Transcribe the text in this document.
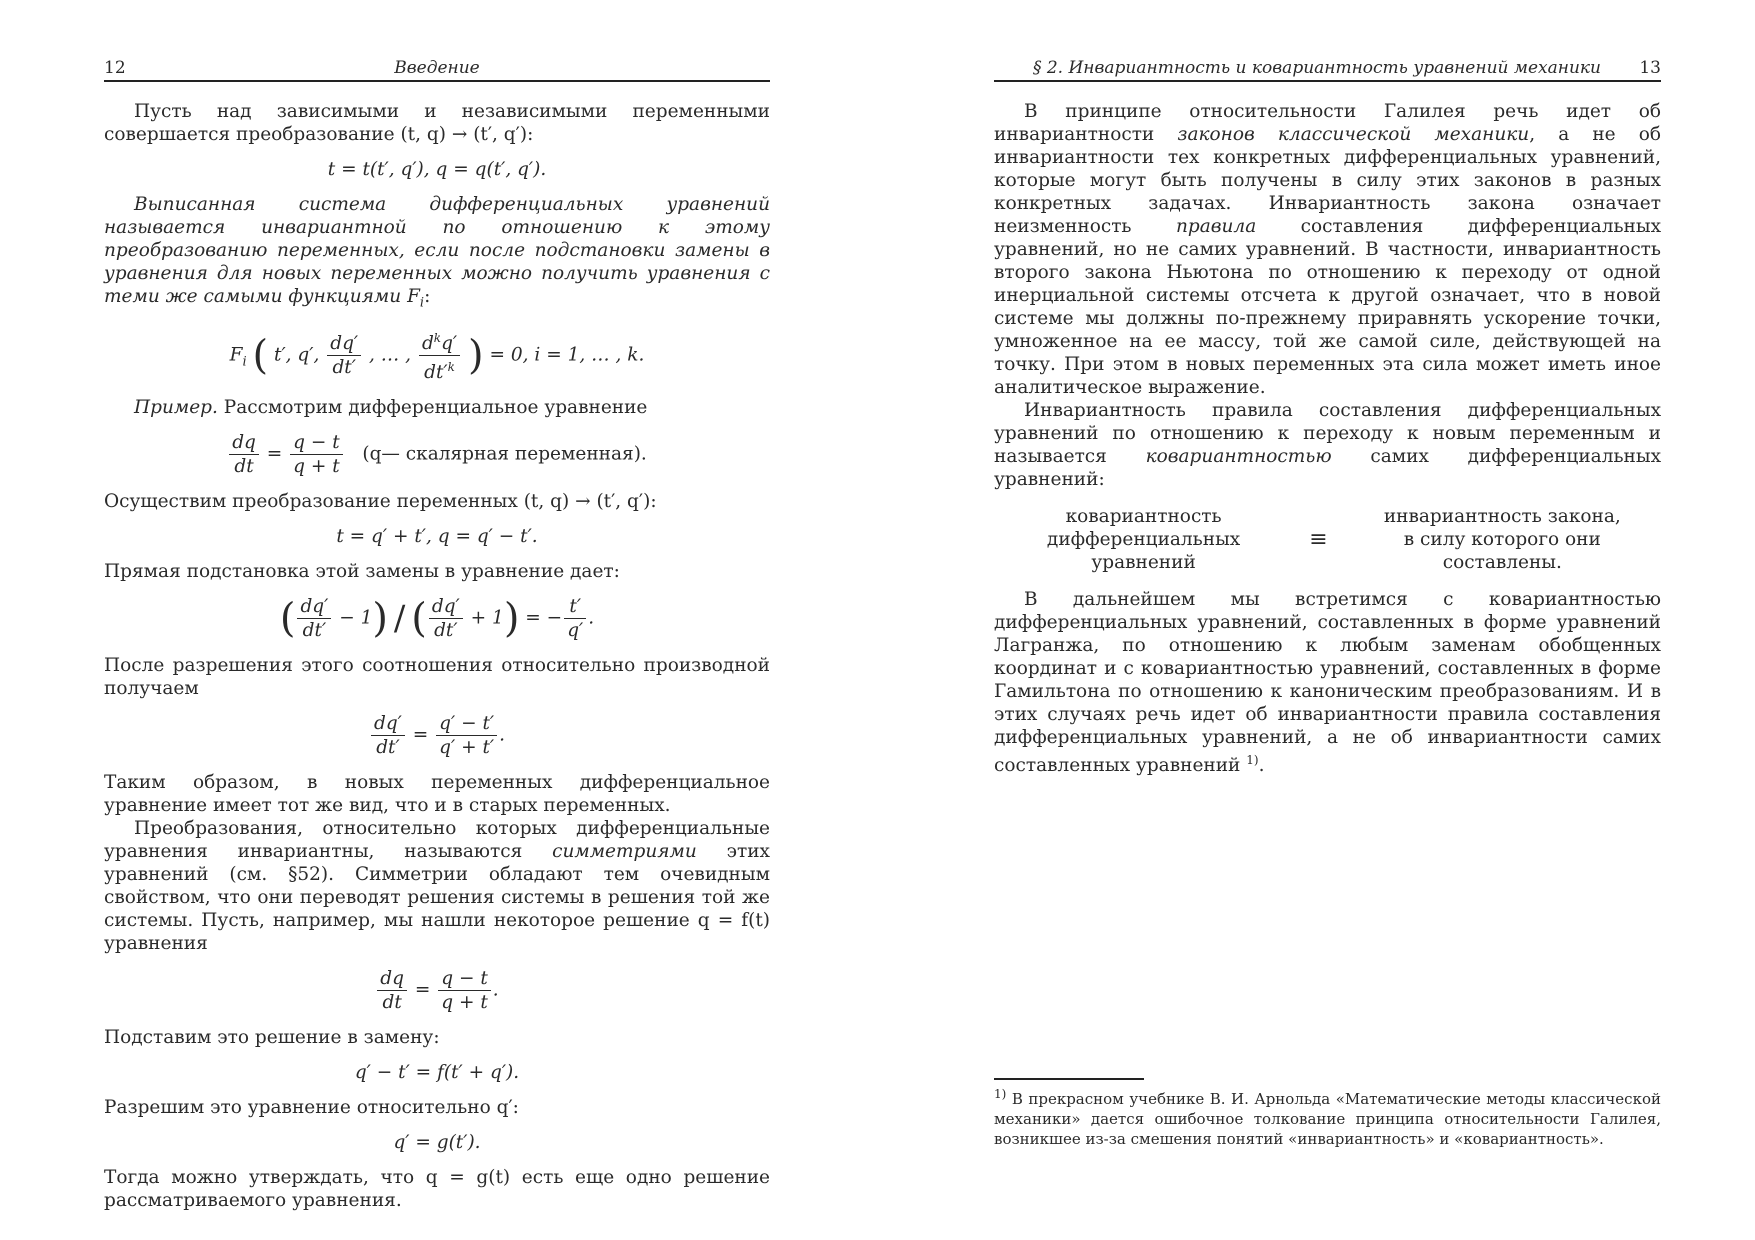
12	Введение

Пусть над зависимыми и независимыми переменными совершается преобразование (t, q) → (t′, q′):

t = t(t′, q′), q = q(t′, q′).

Выписанная система дифференциальных уравнений называется инвариантной по отношению к этому преобразованию переменных, если после подстановки замены в уравнения для новых переменных можно получить уравнения с теми же самыми функциями $F_i$:

$F_i$ ( t′, q′, $\frac{dq'}{dt'}$ , … , $\frac{d^kq'}{dt'^k}$ ) = 0, i = 1, … , k.

Пример. Рассмотрим дифференциальное уравнение

$\frac{dq}{dt} = \frac{q - t}{q + t}$ (q— скалярная переменная).

Осуществим преобразование переменных (t, q) → (t′, q′):

t = q′ + t′, q = q′ − t′.

Прямая подстановка этой замены в уравнение дает:

( $\frac{dq'}{dt'} - 1$) / ( $\frac{dq'}{dt'} + 1$) = − $\frac{t'}{q'}$ .

После разрешения этого соотношения относительно производной получаем

$\frac{dq'}{dt'} = \frac{q' - t'}{q' + t'}$ .

Таким образом, в новых переменных дифференциальное уравнение имеет тот же вид, что и в старых переменных.

Преобразования, относительно которых дифференциальные уравнения инвариантны, называются симметриями этих уравнений (см. §52). Симметрии обладают тем очевидным свойством, что они переводят решения системы в решения той же системы. Пусть, например, мы нашли некоторое решение q = f(t) уравнения

$\frac{dq}{dt} = \frac{q - t}{q + t}$ .

Подставим это решение в замену:

q′ − t′ = f(t′ + q′).

Разрешим это уравнение относительно q′:

q′ = g(t′).

Тогда можно утверждать, что q = g(t) есть еще одно решение рассматриваемого уравнения.

§ 2. Инвариантность и ковариантность уравнений механики	13

В принципе относительности Галилея речь идет об инвариантности законов классической механики, а не об инвариантности тех конкретных дифференциальных уравнений, которые могут быть получены в силу этих законов в разных конкретных задачах. Инвариантность закона означает неизменность правила составления дифференциальных уравнений, но не самих уравнений. В частности, инвариантность второго закона Ньютона по отношению к переходу от одной инерциальной системы отсчета к другой означает, что в новой системе мы должны по-прежнему приравнять ускорение точки, умноженное на ее массу, той же самой силе, действующей на точку. При этом в новых переменных эта сила может иметь иное аналитическое выражение.

Инвариантность правила составления дифференциальных уравнений по отношению к переходу к новым переменным и называется ковариантностью самих дифференциальных уравнений:

ковариантность
дифференциальных уравнений
≡
инвариантность закона,
в силу которого они составлены.

В дальнейшем мы встретимся с ковариантностью дифференциальных уравнений, составленных в форме уравнений Лагранжа, по отношению к любым заменам обобщенных координат и с ковариантностью уравнений, составленных в форме Гамильтона по отношению к каноническим преобразованиям. И в этих случаях речь идет об инвариантности правила составления дифференциальных уравнений, а не об инвариантности самих составленных уравнений $^{1)}$.

$^{1)}$ В прекрасном учебнике В. И. Арнольда «Математические методы классической механики» дается ошибочное толкование принципа относительности Галилея, возникшее из-за смешения понятий «инвариантность» и «ковариантность».
